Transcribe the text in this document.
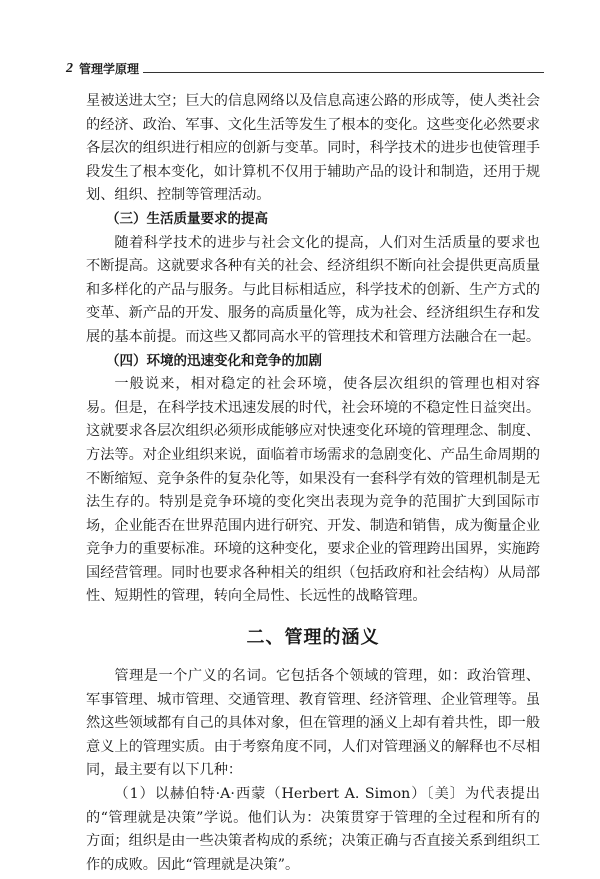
2 管理学原理

星被送进太空；巨大的信息网络以及信息高速公路的形成等，使人类社会的经济、政治、军事、文化生活等发生了根本的变化。这些变化必然要求各层次的组织进行相应的创新与变革。同时，科学技术的进步也使管理手段发生了根本变化，如计算机不仅用于辅助产品的设计和制造，还用于规划、组织、控制等管理活动。

（三）生活质量要求的提高

随着科学技术的进步与社会文化的提高，人们对生活质量的要求也不断提高。这就要求各种有关的社会、经济组织不断向社会提供更高质量和多样化的产品与服务。与此目标相适应，科学技术的创新、生产方式的变革、新产品的开发、服务的高质量化等，成为社会、经济组织生存和发展的基本前提。而这些又都同高水平的管理技术和管理方法融合在一起。

（四）环境的迅速变化和竞争的加剧

一般说来，相对稳定的社会环境，使各层次组织的管理也相对容易。但是，在科学技术迅速发展的时代，社会环境的不稳定性日益突出。这就要求各层次组织必须形成能够应对快速变化环境的管理理念、制度、方法等。对企业组织来说，面临着市场需求的急剧变化、产品生命周期的不断缩短、竞争条件的复杂化等，如果没有一套科学有效的管理机制是无法生存的。特别是竞争环境的变化突出表现为竞争的范围扩大到国际市场，企业能否在世界范围内进行研究、开发、制造和销售，成为衡量企业竞争力的重要标准。环境的这种变化，要求企业的管理跨出国界，实施跨国经营管理。同时也要求各种相关的组织（包括政府和社会结构）从局部性、短期性的管理，转向全局性、长远性的战略管理。

二、管理的涵义

管理是一个广义的名词。它包括各个领域的管理，如：政治管理、军事管理、城市管理、交通管理、教育管理、经济管理、企业管理等。虽然这些领域都有自己的具体对象，但在管理的涵义上却有着共性，即一般意义上的管理实质。由于考察角度不同，人们对管理涵义的解释也不尽相同，最主要有以下几种：

（1）以赫伯特·A·西蒙（Herbert A. Simon）〔美〕为代表提出的“管理就是决策”学说。他们认为：决策贯穿于管理的全过程和所有的方面；组织是由一些决策者构成的系统；决策正确与否直接关系到组织工作的成败。因此“管理就是决策”。
